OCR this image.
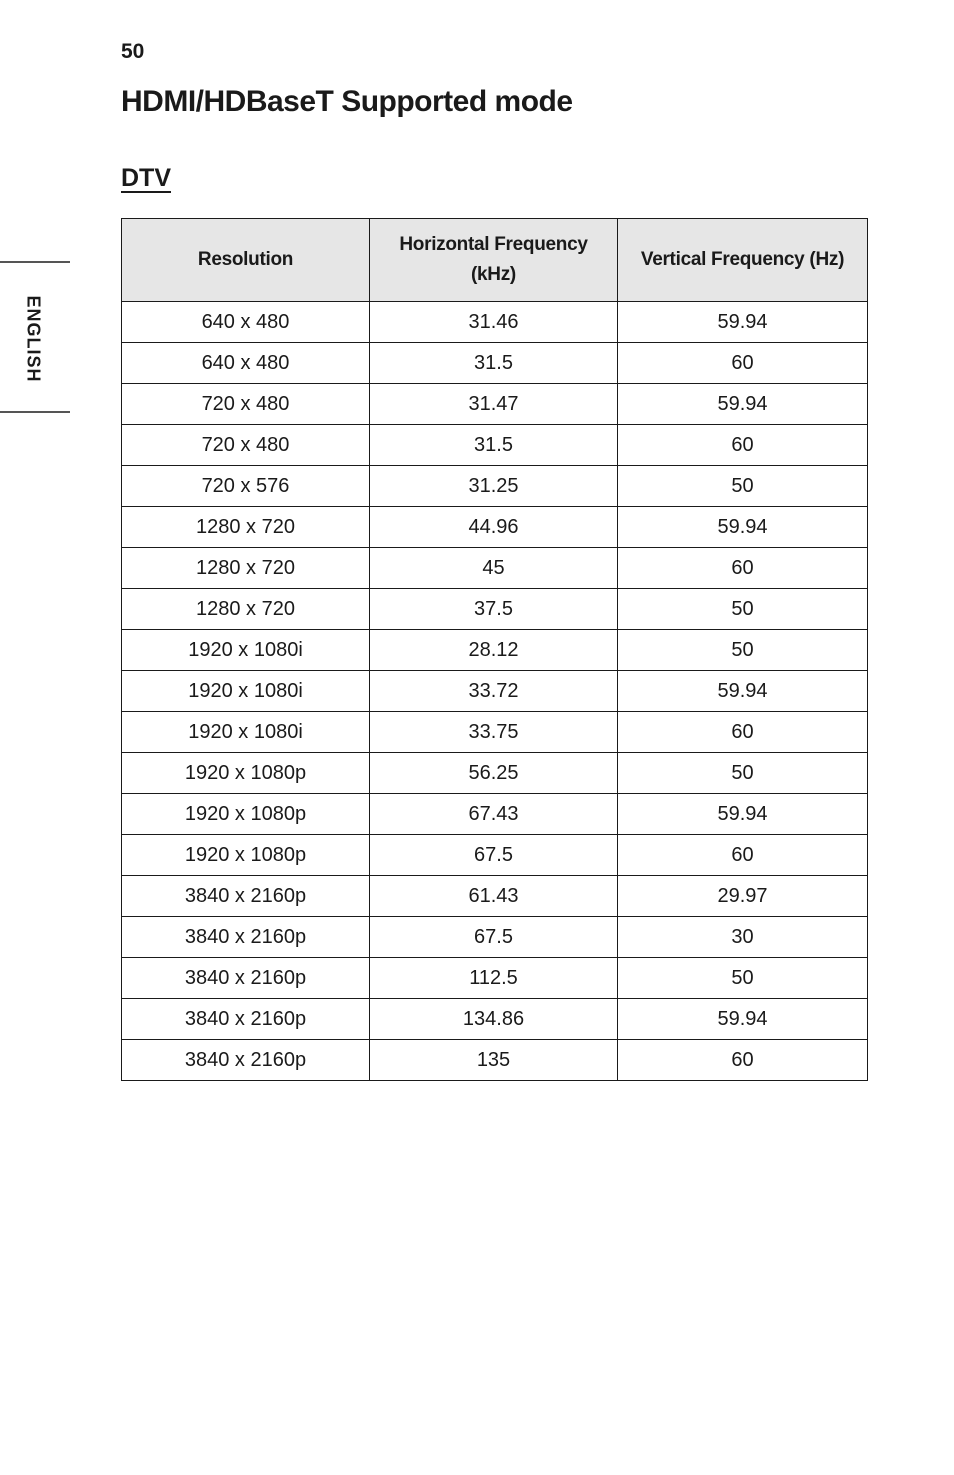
50
HDMI/HDBaseT Supported mode
DTV
ENGLISH
Resolution	Horizontal Frequency (kHz)	Vertical Frequency (Hz)
640 x 480	31.46	59.94
640 x 480	31.5	60
720 x 480	31.47	59.94
720 x 480	31.5	60
720 x 576	31.25	50
1280 x 720	44.96	59.94
1280 x 720	45	60
1280 x 720	37.5	50
1920 x 1080i	28.12	50
1920 x 1080i	33.72	59.94
1920 x 1080i	33.75	60
1920 x 1080p	56.25	50
1920 x 1080p	67.43	59.94
1920 x 1080p	67.5	60
3840 x 2160p	61.43	29.97
3840 x 2160p	67.5	30
3840 x 2160p	112.5	50
3840 x 2160p	134.86	59.94
3840 x 2160p	135	60
